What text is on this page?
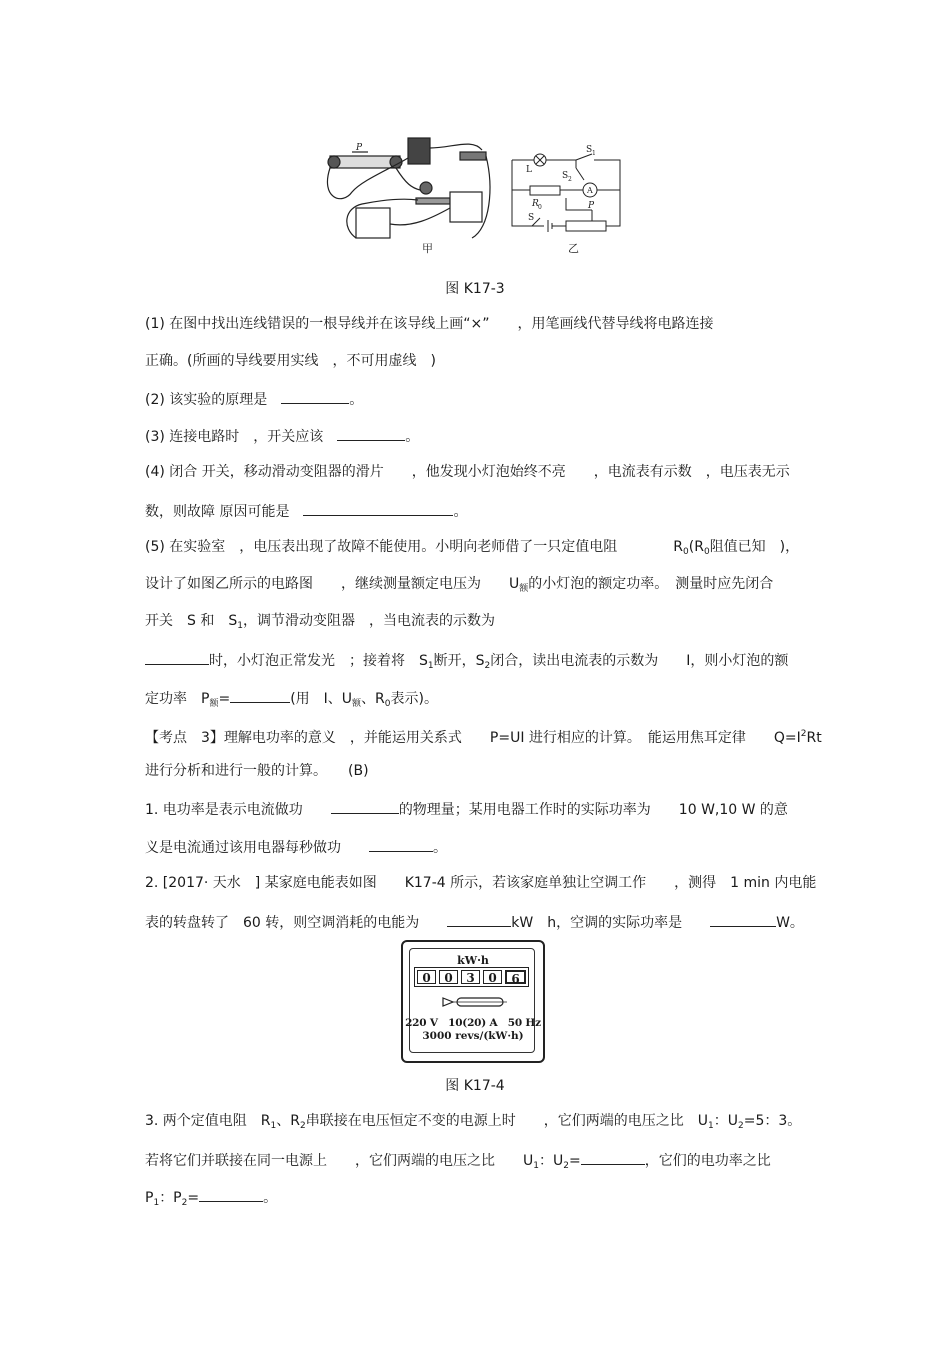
P
甲
L
S 1
S 2
A
R 0
S
P
乙
图 K17-3
(1) 在图中找出连线错误的一根导线并在该导线上画“×”　　，用笔画线代替导线将电路连接
正确。(所画的导线要用实线　，不可用虚线　)
(2) 该实验的原理是　	。
(3) 连接电路时　，开关应该　	。
(4) 闭合 开关，移动滑动变阻器的滑片　　，他发现小灯泡始终不亮　　，电流表有示数　，电压表无示
数，则故障 原因可能是　	。
(5) 在实验室　，电压表出现了故障不能使用。小明向老师借了一只定值电阻　　　　$R_0(R_0$阻值已知　)，
设计了如图乙所示的电路图　　，继续测量额定电压为　　$U_额$的小灯泡的额定功率。　测量时应先闭合
开关　S 和　$S_1$，调节滑动变阻器　，当电流表的示数为
时，小灯泡正常发光　；接着将　$S_1$断开，$S_2$闭合，读出电流表的示数为　　I，则小灯泡的额
定功率　$P_额=$	(用　I、$U_额$、$R_0$表示)。
【考点　3】理解电功率的意义　，并能运用关系式　　P=UI 进行相应的计算。　能运用焦耳定律　　$Q=I^2Rt$
进行分析和进行一般的计算。　　(B)
1. 电功率是表示电流做功　　	的物理量；某用电器工作时的实际功率为　　10 W,10 W 的意
义是电流通过该用电器每秒做功　　	。
2. [2017· 天水　] 某家庭电能表如图　　K17-4 所示，若该家庭单独让空调工作　　，测得　1 min 内电能
表的转盘转了　60 转，则空调消耗的电能为　　	kW　h，空调的实际功率是　　	W。
kW·h
0	0	3	0	6
220 V　10(20) A　50 Hz
3000 revs/(kW·h)
图 K17-4
3. 两个定值电阻　$R_1$、$R_2$串联接在电压恒定不变的电源上时　　，它们两端的电压之比　$U_1$：$U_2=5$：3。
若将它们并联接在同一电源上　　，它们两端的电压之比　　$U_1$：$U_2=$	，它们的电功率之比
$P_1$：$P_2=$	。
